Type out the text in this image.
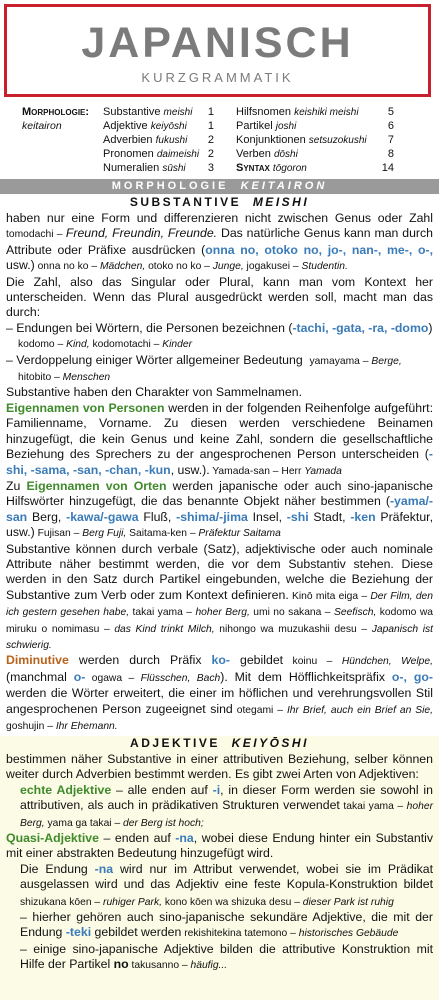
JAPANISCH
KURZGRAMMATIK
Morphologie:
keitairon
Substantive meishi
Adjektive keiyōshi
Adverbien fukushi
Pronomen daimeishi
Numeralien sūshi
1
1
2
2
3
Hilfsnomen keishiki meishi
Partikel joshi
Konjunktionen setsuzokushi
Verben dōshi
Syntax tōgoron
5
6
7
8
14
MORPHOLOGIE KEITAIRON
SUBSTANTIVE MEISHI

haben nur eine Form und differenzieren nicht zwischen Genus oder Zahl tomodachi – Freund, Freundin, Freunde. Das natürliche Genus kann man durch Attribute oder Präfixe ausdrücken (onna no, otoko no, jo-, nan-, me-, o-, usw.) onna no ko – Mädchen, otoko no ko – Junge, jogakusei – Studentin.

Die Zahl, also das Singular oder Plural, kann man vom Kontext her unterscheiden. Wenn das Plural ausgedrückt werden soll, macht man das durch:

– Endungen bei Wörtern, die Personen bezeichnen (-tachi, -gata, -ra, -domo)
kodomo – Kind, kodomotachi – Kinder

– Verdoppelung einiger Wörter allgemeiner Bedeutung yamayama – Berge,
hitobito – Menschen

Substantive haben den Charakter von Sammelnamen.

Eigennamen von Personen werden in der folgenden Reihenfolge aufgeführt: Familienname, Vorname. Zu diesen werden verschiedene Beinamen hinzugefügt, die kein Genus und keine Zahl, sondern die gesellschaftliche Beziehung des Sprechers zu der angesprochenen Person unterscheiden (-shi, -sama, -san, -chan, -kun, usw.). Yamada-san – Herr Yamada

Zu Eigennamen von Orten werden japanische oder auch sino-japanische Hilfswörter hinzugefügt, die das benannte Objekt näher bestimmen (-yama/-san Berg, -kawa/-gawa Fluß, -shima/-jima Insel, -shi Stadt, -ken Präfektur, usw.) Fujisan – Berg Fuji, Saitama-ken – Präfektur Saitama

Substantive können durch verbale (Satz), adjektivische oder auch nominale Attribute näher bestimmt werden, die vor dem Substantiv stehen. Diese werden in den Satz durch Partikel eingebunden, welche die Beziehung der Substantive zum Verb oder zum Kontext definieren. Kinō mita eiga – Der Film, den ich gestern gesehen habe, takai yama – hoher Berg, umi no sakana – Seefisch, kodomo wa miruku o nomimasu – das Kind trinkt Milch, nihongo wa muzukashii desu – Japanisch ist schwierig.

Diminutive werden durch Präfix ko- gebildet koinu – Hündchen, Welpe, (manchmal o- ogawa – Flüsschen, Bach). Mit dem Höfflichkeitspräfix o-, go- werden die Wörter erweitert, die einer im höflichen und verehrungsvollen Stil angesprochenen Person zugeeignet sind otegami – Ihr Brief, auch ein Brief an Sie, goshujin – Ihr Ehemann.

ADJEKTIVE KEIYŌSHI

bestimmen näher Substantive in einer attributiven Beziehung, selber können weiter durch Adverbien bestimmt werden. Es gibt zwei Arten von Adjektiven:

echte Adjektive – alle enden auf -i, in dieser Form werden sie sowohl in attributiven, als auch in prädikativen Strukturen verwendet takai yama – hoher Berg, yama ga takai – der Berg ist hoch;

Quasi-Adjektive – enden auf -na, wobei diese Endung hinter ein Substantiv mit einer abstrakten Bedeutung hinzugefügt wird.

Die Endung -na wird nur im Attribut verwendet, wobei sie im Prädikat ausgelassen wird und das Adjektiv eine feste Kopula-Konstruktion bildet shizukana kōen – ruhiger Park, kono kōen wa shizuka desu – dieser Park ist ruhig

– hierher gehören auch sino-japanische sekundäre Adjektive, die mit der Endung -teki gebildet werden rekishitekina tatemono – historisches Gebäude

– einige sino-japanische Adjektive bilden die attributive Konstruktion mit Hilfe der Partikel no takusanno – häufig...
